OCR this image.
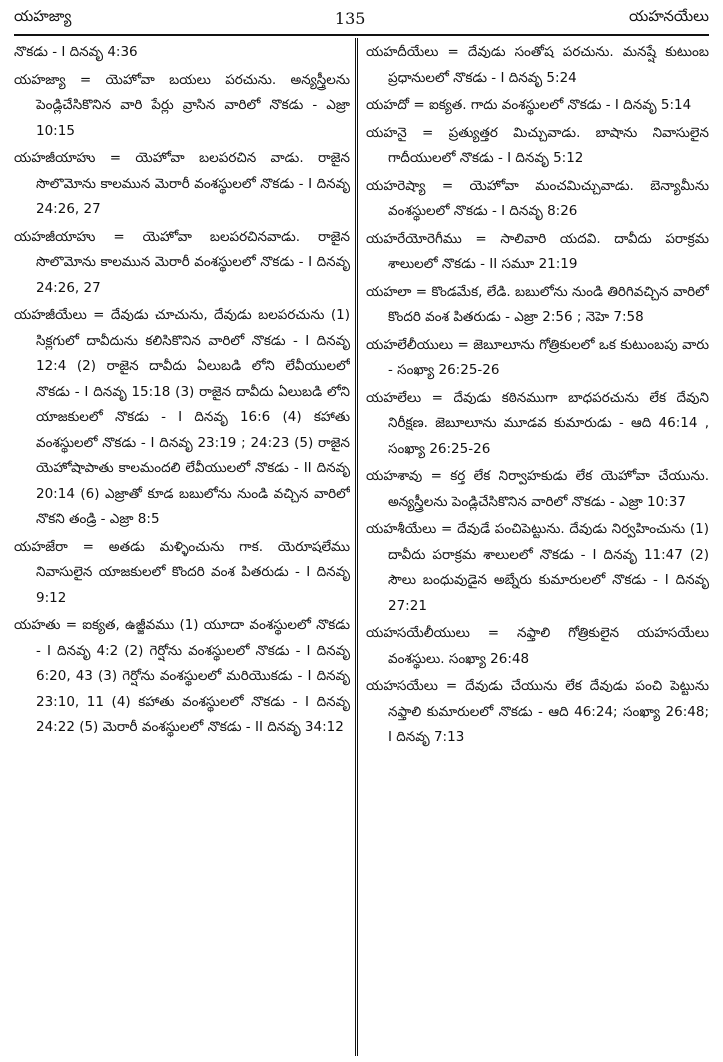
యహజ్యా	135	యహనయేలు

నొకడు - I దినవృ 4:36

యహజ్యా = యెహోవా బయలు పరచును. అన్యస్త్రీలను పెండ్లిచేసికొనిన వారి పేర్లు వ్రాసిన వారిలో నొకడు - ఎజ్రా 10:15

యహజీయాహు = యెహోవా బలపరచిన వాడు. రాజైన సొలొమోను కాలమున మెరారీ వంశస్థులలో నొకడు - I దినవృ 24:26, 27

యహజీయాహు = యెహోవా బలపరచినవాడు. రాజైన సొలొమోను కాలమున మెరారీ వంశస్థులలో నొకడు - I దినవృ 24:26, 27

యహజీయేలు = దేవుడు చూచును, దేవుడు బలపరచును (1) సిక్లగులో దావీదును కలిసికొనిన వారిలో నొకడు - I దినవృ 12:4 (2) రాజైన దావీదు ఏలుబడి లోని లేవీయులలో నొకడు - I దినవృ 15:18 (3) రాజైన దావీదు ఏలుబడి లోని యాజకులలో నొకడు - I దినవృ 16:6 (4) కహాతు వంశస్థులలో నొకడు - I దినవృ 23:19 ; 24:23 (5) రాజైన యెహోషాపాతు కాలమందలి లేవీయులలో నొకడు - II దినవృ 20:14 (6) ఎజ్రాతో కూడ బబులోను నుండి వచ్చిన వారిలో నొకని తండ్రి - ఎజ్రా 8:5

యహజేరా = అతడు మళ్ళించును గాక. యెరూషలేము నివాసులైన యాజకులలో కొందరి వంశ పితరుడు - I దినవృ 9:12

యహతు = ఐక్యత, ఉజ్జీవము (1) యూదా వంశస్థులలో నొకడు - I దినవృ 4:2 (2) గెర్షోను వంశస్థులలో నొకడు - I దినవృ 6:20, 43 (3) గెర్షోను వంశస్థులలో మరియొకడు - I దినవృ 23:10, 11 (4) కహాతు వంశస్థులలో నొకడు - I దినవృ 24:22 (5) మెరారీ వంశస్థులలో నొకడు - II దినవృ 34:12

యహదీయేలు = దేవుడు సంతోష పరచును. మనష్షే కుటుంబ ప్రధానులలో నొకడు - I దినవృ 5:24

యహదో = ఐక్యత. గాదు వంశస్థులలో నొకడు - I దినవృ 5:14

యహనై = ప్రత్యుత్తర మిచ్చువాడు. బాషాను నివాసులైన గాదీయులలో నొకడు - I దినవృ 5:12

యహరెష్యా = యెహోవా మంచమిచ్చువాడు. బెన్యామీను వంశస్థులలో నొకడు - I దినవృ 8:26

యహరేయోరెగీము = సాలివారి యదవి. దావీదు పరాక్రమ శాలులలో నొకడు - II సమూ 21:19

యహలా = కొండమేక, లేడి. బబులోను నుండి తిరిగివచ్చిన వారిలో కొందరి వంశ పితరుడు - ఎజ్రా 2:56 ; నెహె 7:58

యహలేలీయులు = జెబూలూను గోత్రికులలో ఒక కుటుంబపు వారు - సంఖ్యా 26:25-26

యహలేలు = దేవుడు కఠినముగా బాధపరచును లేక దేవుని నిరీక్షణ. జెబూలూను మూడవ కుమారుడు - ఆది 46:14 , సంఖ్యా 26:25-26

యహశావు = కర్త లేక నిర్వాహకుడు లేక యెహోవా చేయును. అన్యస్త్రీలను పెండ్లిచేసికొనిన వారిలో నొకడు - ఎజ్రా 10:37

యహశీయేలు = దేవుడే పంచిపెట్టును. దేవుడు నిర్వహించును (1) దావీదు పరాక్రమ శాలులలో నొకడు - I దినవృ 11:47 (2) సౌలు బంధువుడైన అబ్నేరు కుమారులలో నొకడు - I దినవృ 27:21

యహసయేలీయులు = నఫ్తాలి గోత్రికులైన యహసయేలు వంశస్థులు. సంఖ్యా 26:48

యహసయేలు = దేవుడు చేయును లేక దేవుడు పంచి పెట్టును నఫ్తాలి కుమారులలో నొకడు - ఆది 46:24; సంఖ్యా 26:48; I దినవృ 7:13
